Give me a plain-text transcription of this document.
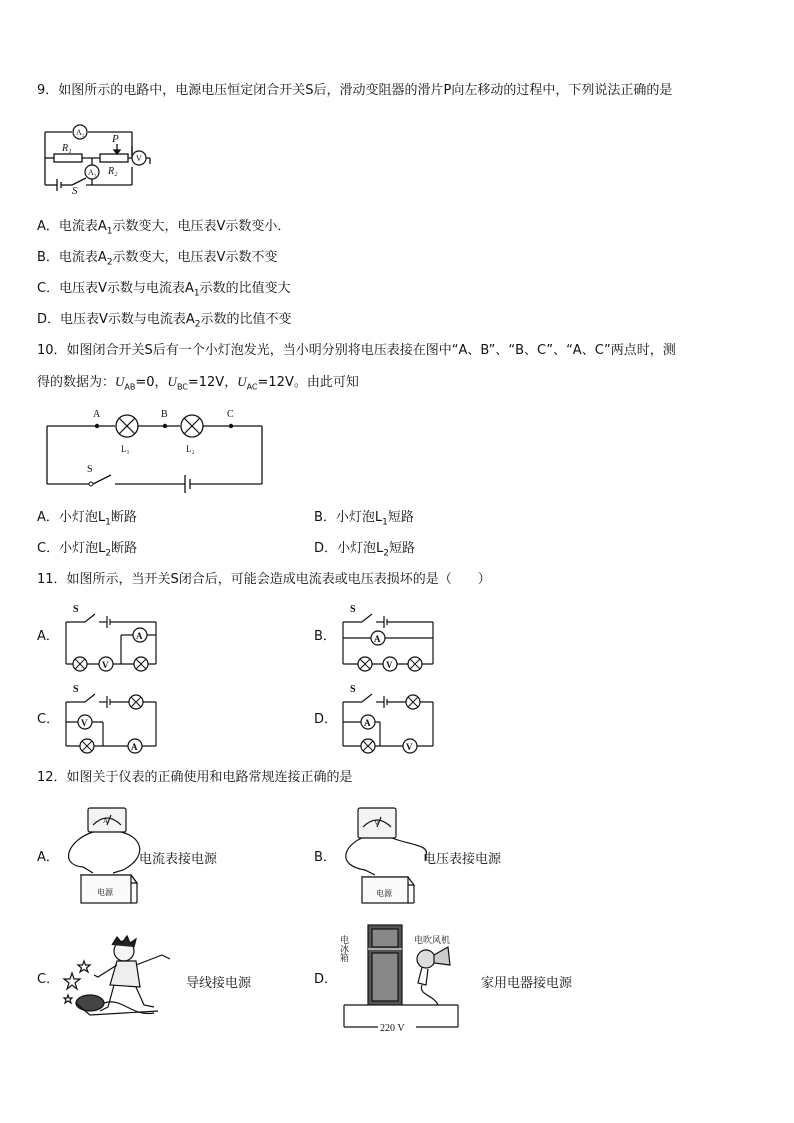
9．如图所示的电路中，电源电压恒定闭合开关S后，滑动变阻器的滑片P向左移动的过程中，下列说法正确的是
A₂
V
A₁
R₁
P
R₂
S
A．电流表$A_1$示数变大，电压表V示数变小．
B．电流表$A_2$示数变大，电压表V示数不变
C．电压表V示数与电流表$A_1$示数的比值变大
D．电压表V示数与电流表$A_2$示数的比值不变
10．如图闭合开关S后有一个小灯泡发光，当小明分别将电压表接在图中“A、B”、“B、C”、“A、C”两点时，测
得的数据为：$U_{AB}=0$，$U_{BC}=12V$，$U_{AC}=12V$。由此可知
A	B	C
L₁	L₂
S
A．小灯泡$L_1$断路	B．小灯泡$L_1$短路
C．小灯泡$L_2$断路	D．小灯泡$L_2$短路
11．如图所示，当开关S闭合后，可能会造成电流表或电压表损坏的是（　　）
A．
S
A
V
B．
S
A
V
C．
S
V
A
D．
S
A
V
12．如图关于仪表的正确使用和电路常规连接正确的是
A．
A
电源
电流表接电源	B．
V
电源
电压表接电源
C．	导线接电源	D．
电冰箱	电吹风机
220 V
家用电器接电源
